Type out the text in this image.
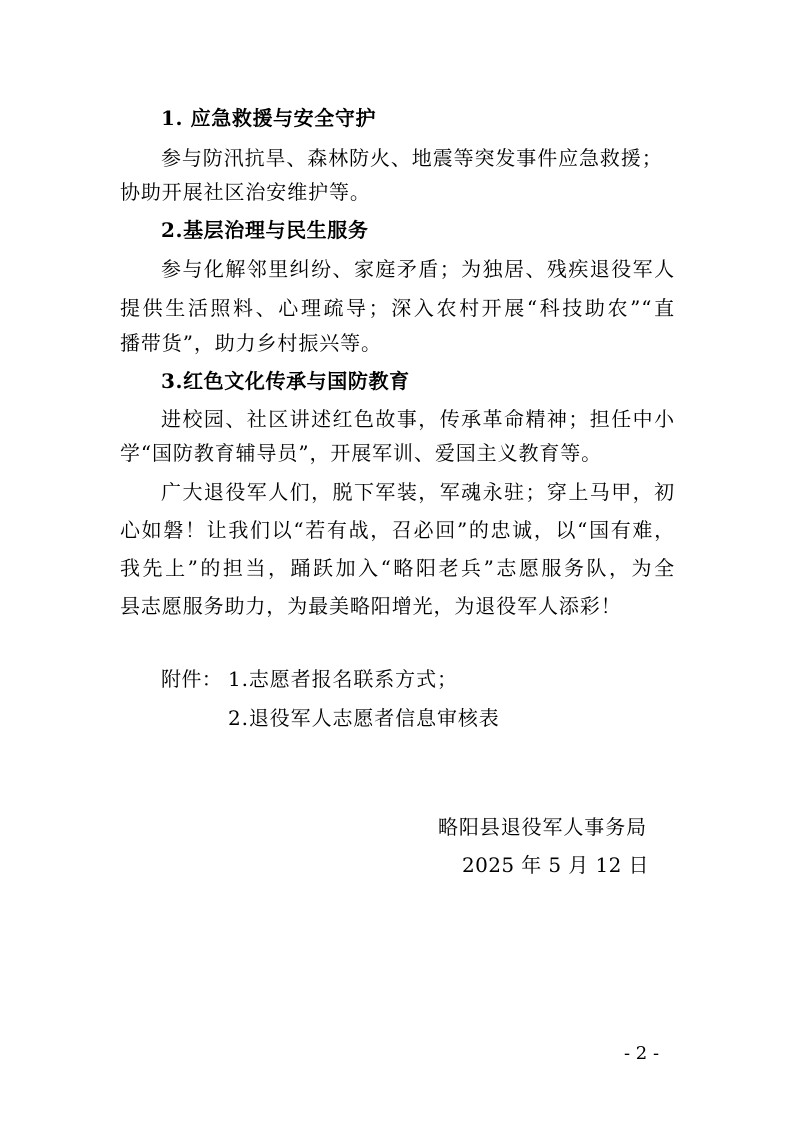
1. 应急救援与安全守护
参与防汛抗旱、森林防火、地震等突发事件应急救援；
协助开展社区治安维护等。
2.基层治理与民生服务
参与化解邻里纠纷、家庭矛盾；为独居、残疾退役军人
提供生活照料、心理疏导；深入农村开展“科技助农”“直
播带货”，助力乡村振兴等。
3.红色文化传承与国防教育
进校园、社区讲述红色故事，传承革命精神；担任中小
学“国防教育辅导员”，开展军训、爱国主义教育等。
广大退役军人们，脱下军装，军魂永驻；穿上马甲，初
心如磐！让我们以“若有战，召必回”的忠诚，以“国有难，
我先上”的担当，踊跃加入“略阳老兵”志愿服务队，为全
县志愿服务助力，为最美略阳增光，为退役军人添彩！
附件： 1.志愿者报名联系方式；
2.退役军人志愿者信息审核表
略阳县退役军人事务局
2025 年 5 月 12 日
- 2 -
